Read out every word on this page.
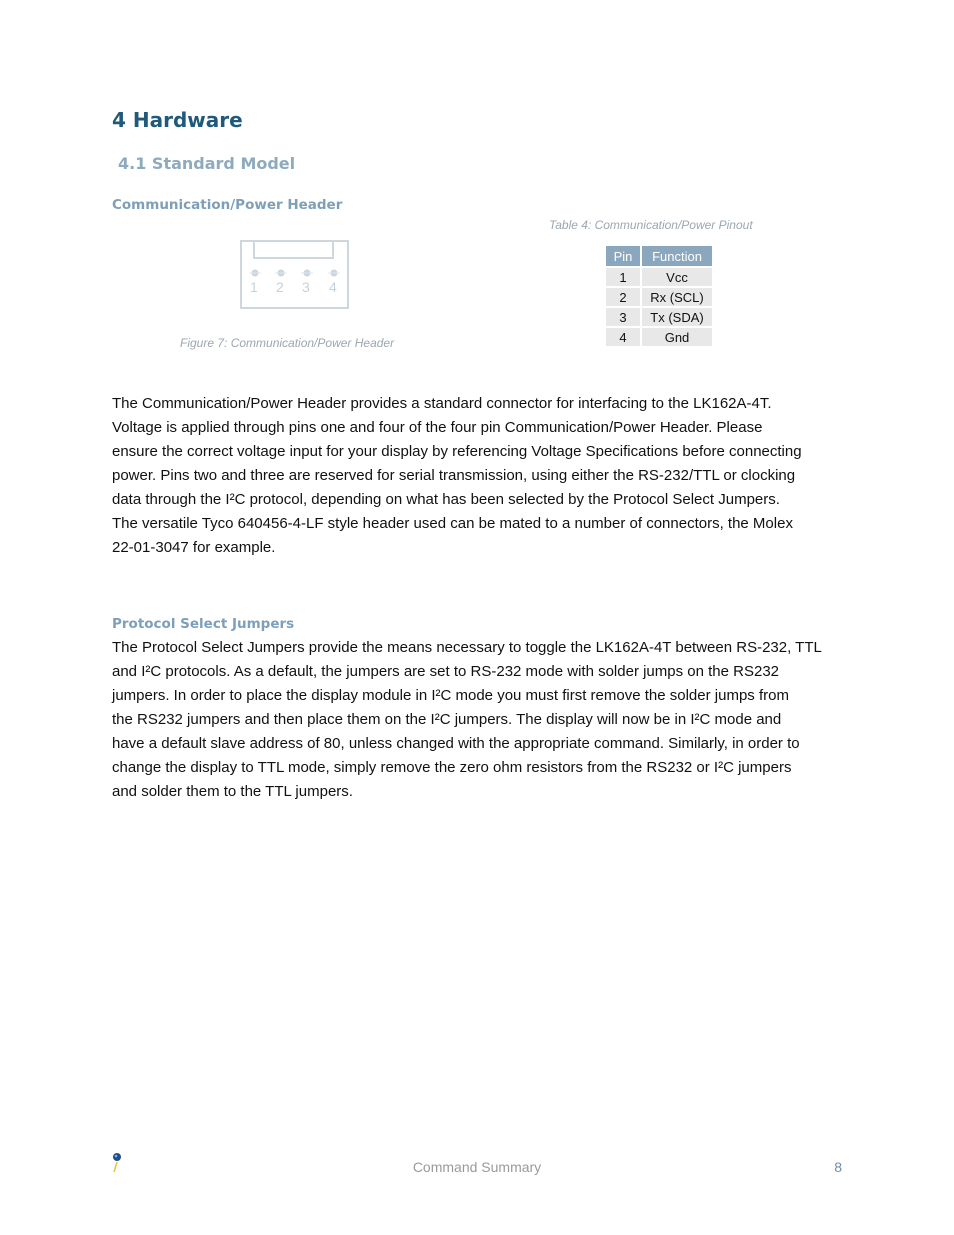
4 Hardware
4.1 Standard Model
Communication/Power Header
1 2 3 4
Figure 7: Communication/Power Header
Table 4: Communication/Power Pinout
Pin	Function
1	Vcc
2	Rx (SCL)
3	Tx (SDA)
4	Gnd
The Communication/Power Header provides a standard connector for interfacing to the LK162A-4T.
Voltage is applied through pins one and four of the four pin Communication/Power Header. Please
ensure the correct voltage input for your display by referencing Voltage Specifications before connecting
power. Pins two and three are reserved for serial transmission, using either the RS-232/TTL or clocking
data through the I²C protocol, depending on what has been selected by the Protocol Select Jumpers.
The versatile Tyco 640456-4-LF style header used can be mated to a number of connectors, the Molex
22-01-3047 for example.
Protocol Select Jumpers
The Protocol Select Jumpers provide the means necessary to toggle the LK162A-4T between RS-232, TTL
and I²C protocols. As a default, the jumpers are set to RS-232 mode with solder jumps on the RS232
jumpers. In order to place the display module in I²C mode you must first remove the solder jumps from
the RS232 jumpers and then place them on the I²C jumpers. The display will now be in I²C mode and
have a default slave address of 80, unless changed with the appropriate command. Similarly, in order to
change the display to TTL mode, simply remove the zero ohm resistors from the RS232 or I²C jumpers
and solder them to the TTL jumpers.
Command Summary	8
